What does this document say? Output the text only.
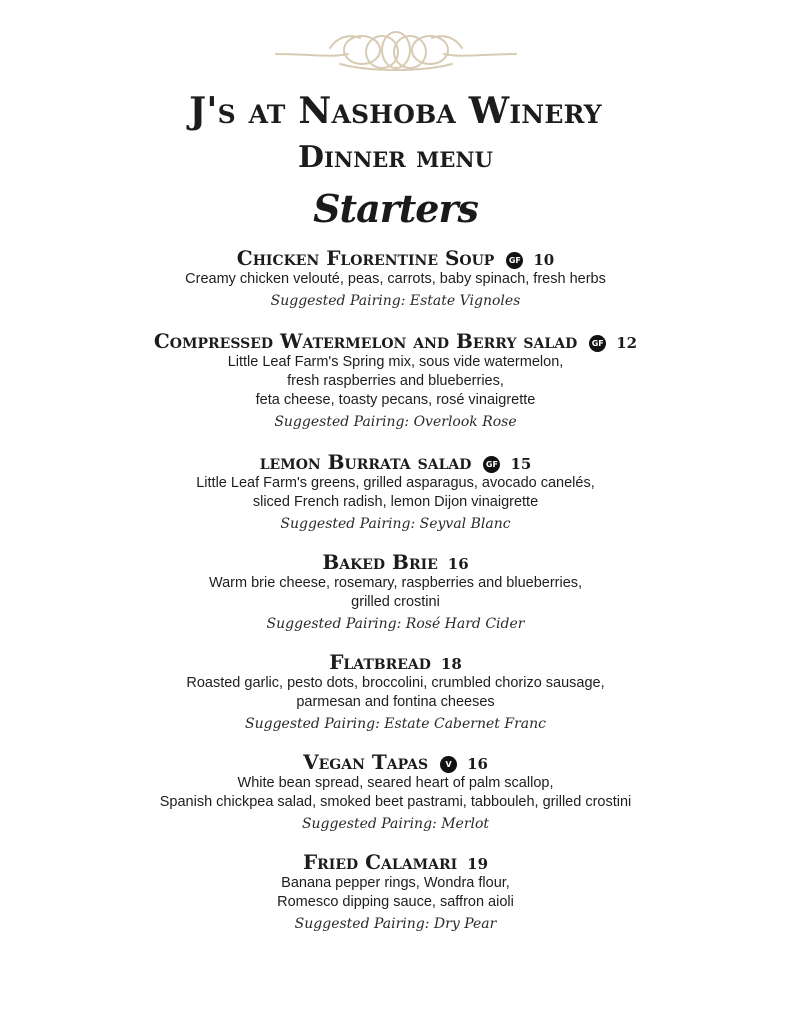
J's at Nashoba Winery
Dinner menu
Starters
Chicken Florentine Soup GF 10
Creamy chicken velouté, peas, carrots, baby spinach, fresh herbs
Suggested Pairing: Estate Vignoles
Compressed Watermelon and Berry salad GF 12
Little Leaf Farm's Spring mix, sous vide watermelon,
fresh raspberries and blueberries,
feta cheese, toasty pecans, rosé vinaigrette
Suggested Pairing: Overlook Rose
lemon Burrata salad GF 15
Little Leaf Farm's greens, grilled asparagus, avocado canelés,
sliced French radish, lemon Dijon vinaigrette
Suggested Pairing: Seyval Blanc
Baked Brie 16
Warm brie cheese, rosemary, raspberries and blueberries,
grilled crostini
Suggested Pairing: Rosé Hard Cider
Flatbread 18
Roasted garlic, pesto dots, broccolini, crumbled chorizo sausage,
parmesan and fontina cheeses
Suggested Pairing: Estate Cabernet Franc
Vegan Tapas V 16
White bean spread, seared heart of palm scallop,
Spanish chickpea salad, smoked beet pastrami, tabbouleh, grilled crostini
Suggested Pairing: Merlot
Fried Calamari 19
Banana pepper rings, Wondra flour,
Romesco dipping sauce, saffron aioli
Suggested Pairing: Dry Pear
